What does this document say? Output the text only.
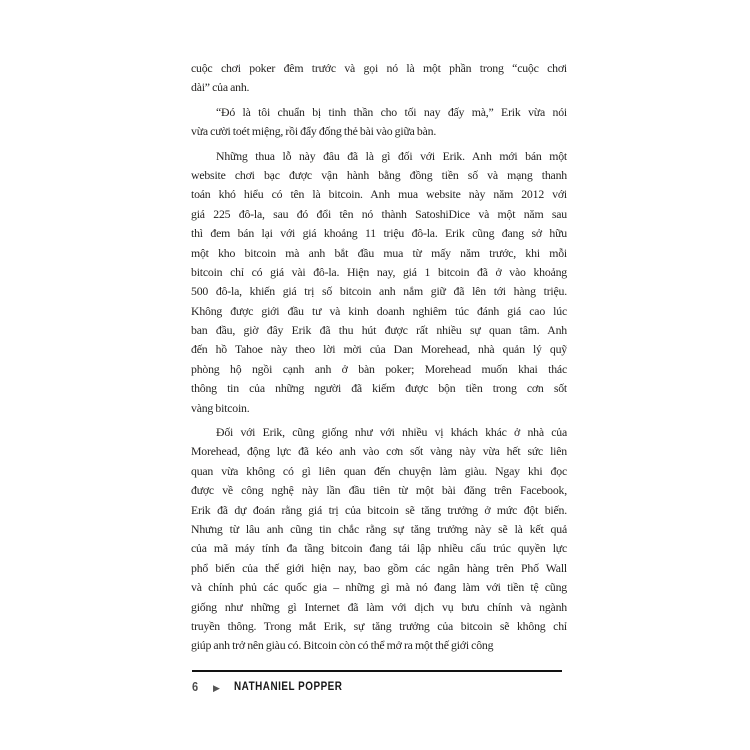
cuộc chơi poker đêm trước và gọi nó là một phần trong “cuộc chơi
dài” của anh.

“Đó là tôi chuẩn bị tinh thần cho tối nay đấy mà,” Erik vừa nói
vừa cười toét miệng, rồi đẩy đống thẻ bài vào giữa bàn.

Những thua lỗ này đâu đã là gì đối với Erik. Anh mới bán một
website chơi bạc được vận hành bằng đồng tiền số và mạng thanh
toán khó hiểu có tên là bitcoin. Anh mua website này năm 2012 với
giá 225 đô-la, sau đó đổi tên nó thành SatoshiDice và một năm sau
thì đem bán lại với giá khoảng 11 triệu đô-la. Erik cũng đang sở hữu
một kho bitcoin mà anh bắt đầu mua từ mấy năm trước, khi mỗi
bitcoin chỉ có giá vài đô-la. Hiện nay, giá 1 bitcoin đã ở vào khoảng
500 đô-la, khiến giá trị số bitcoin anh nắm giữ đã lên tới hàng triệu.
Không được giới đầu tư và kinh doanh nghiêm túc đánh giá cao lúc
ban đầu, giờ đây Erik đã thu hút được rất nhiều sự quan tâm. Anh
đến hồ Tahoe này theo lời mời của Dan Morehead, nhà quản lý quỹ
phòng hộ ngồi cạnh anh ở bàn poker; Morehead muốn khai thác
thông tin của những người đã kiếm được bộn tiền trong cơn sốt
vàng bitcoin.

Đối với Erik, cũng giống như với nhiều vị khách khác ở nhà của
Morehead, động lực đã kéo anh vào cơn sốt vàng này vừa hết sức liên
quan vừa không có gì liên quan đến chuyện làm giàu. Ngay khi đọc
được về công nghệ này lần đầu tiên từ một bài đăng trên Facebook,
Erik đã dự đoán rằng giá trị của bitcoin sẽ tăng trưởng ở mức đột biến.
Nhưng từ lâu anh cũng tin chắc rằng sự tăng trưởng này sẽ là kết quả
của mã máy tính đa tầng bitcoin đang tái lập nhiều cấu trúc quyền lực
phổ biến của thế giới hiện nay, bao gồm các ngân hàng trên Phố Wall
và chính phủ các quốc gia – những gì mà nó đang làm với tiền tệ cũng
giống như những gì Internet đã làm với dịch vụ bưu chính và ngành
truyền thông. Trong mắt Erik, sự tăng trưởng của bitcoin sẽ không chỉ
giúp anh trở nên giàu có. Bitcoin còn có thể mở ra một thế giới công

6 ▶ NATHANIEL POPPER
